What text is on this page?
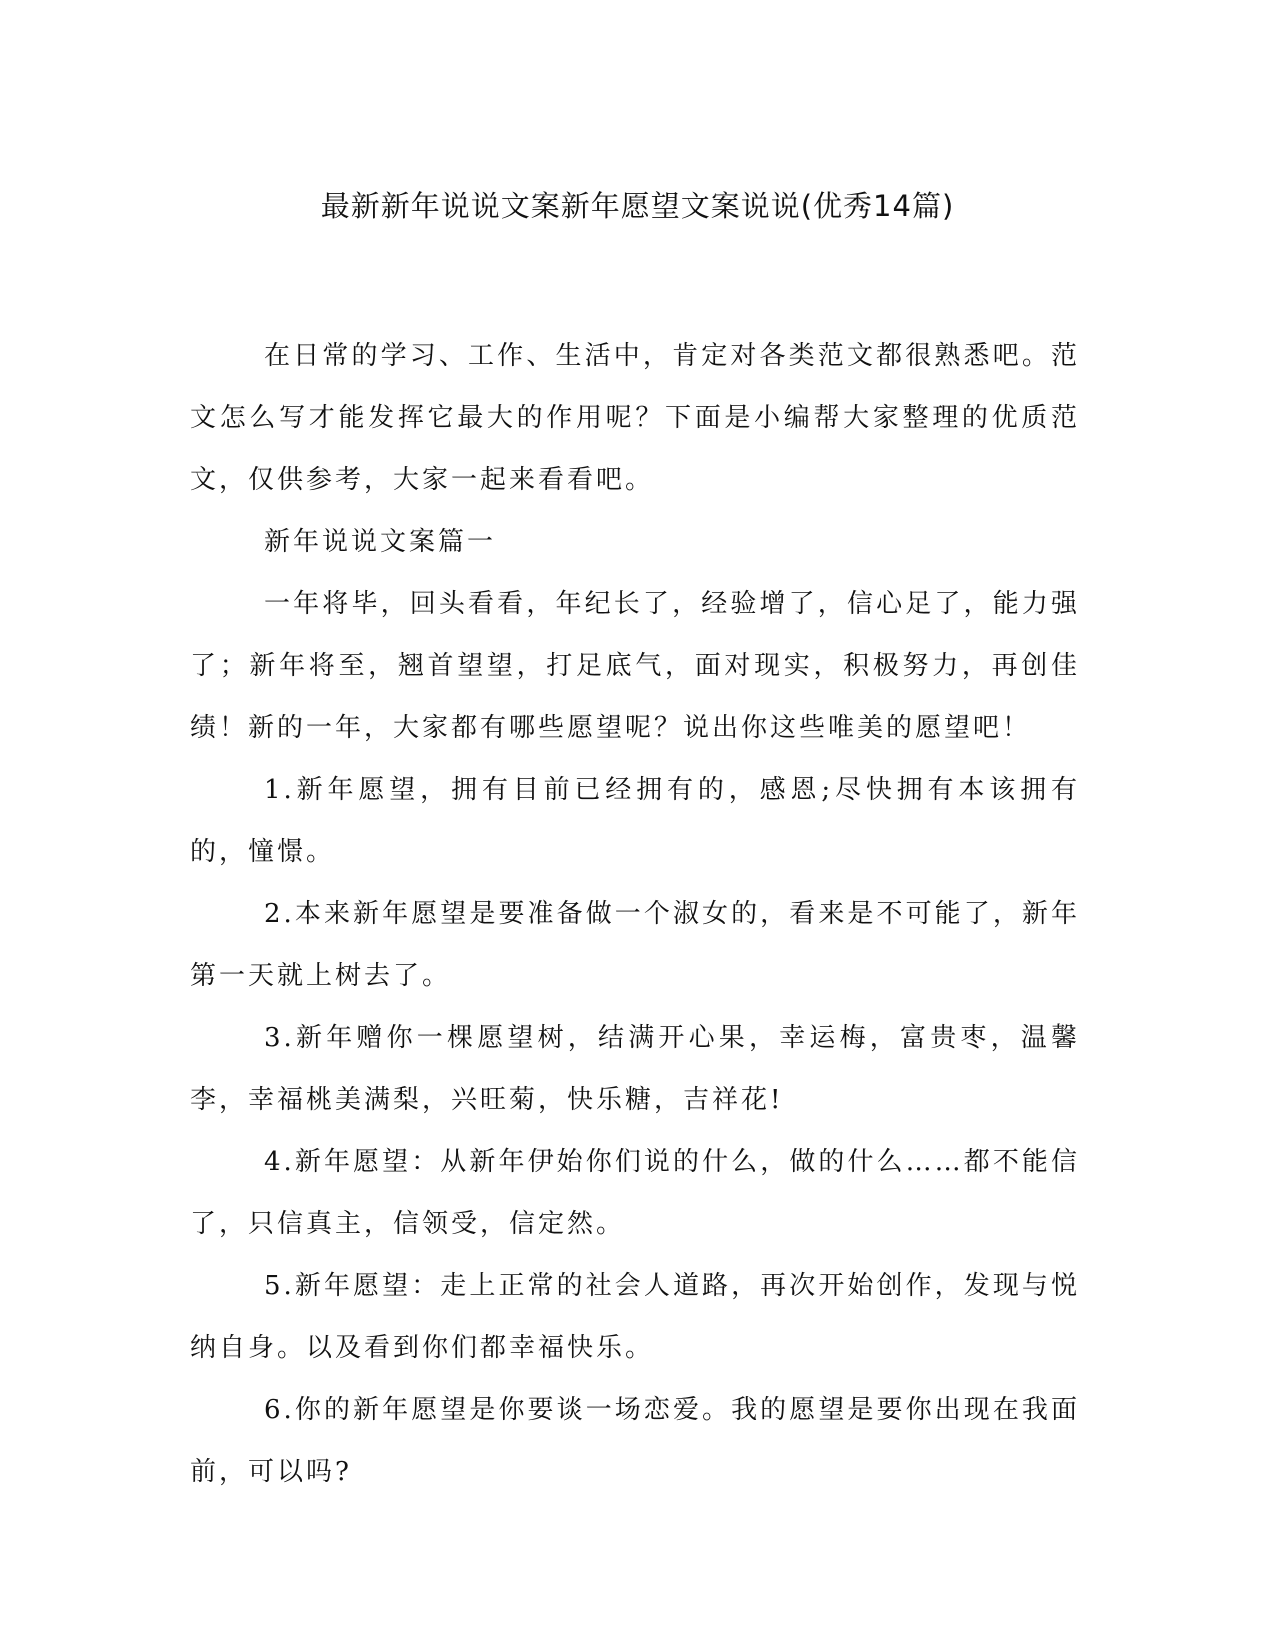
最新新年说说文案新年愿望文案说说(优秀14篇)

在日常的学习、工作、生活中，肯定对各类范文都很熟悉吧。范文怎么写才能发挥它最大的作用呢？下面是小编帮大家整理的优质范文，仅供参考，大家一起来看看吧。

新年说说文案篇一

一年将毕，回头看看，年纪长了，经验增了，信心足了，能力强了；新年将至，翘首望望，打足底气，面对现实，积极努力，再创佳绩！新的一年，大家都有哪些愿望呢？说出你这些唯美的愿望吧！

1.新年愿望，拥有目前已经拥有的，感恩;尽快拥有本该拥有的，憧憬。

2.本来新年愿望是要准备做一个淑女的，看来是不可能了，新年第一天就上树去了。

3.新年赠你一棵愿望树，结满开心果，幸运梅，富贵枣，温馨李，幸福桃美满梨，兴旺菊，快乐糖，吉祥花!

4.新年愿望：从新年伊始你们说的什么，做的什么……都不能信了，只信真主，信领受，信定然。

5.新年愿望：走上正常的社会人道路，再次开始创作，发现与悦纳自身。以及看到你们都幸福快乐。

6.你的新年愿望是你要谈一场恋爱。我的愿望是要你出现在我面前，可以吗?
